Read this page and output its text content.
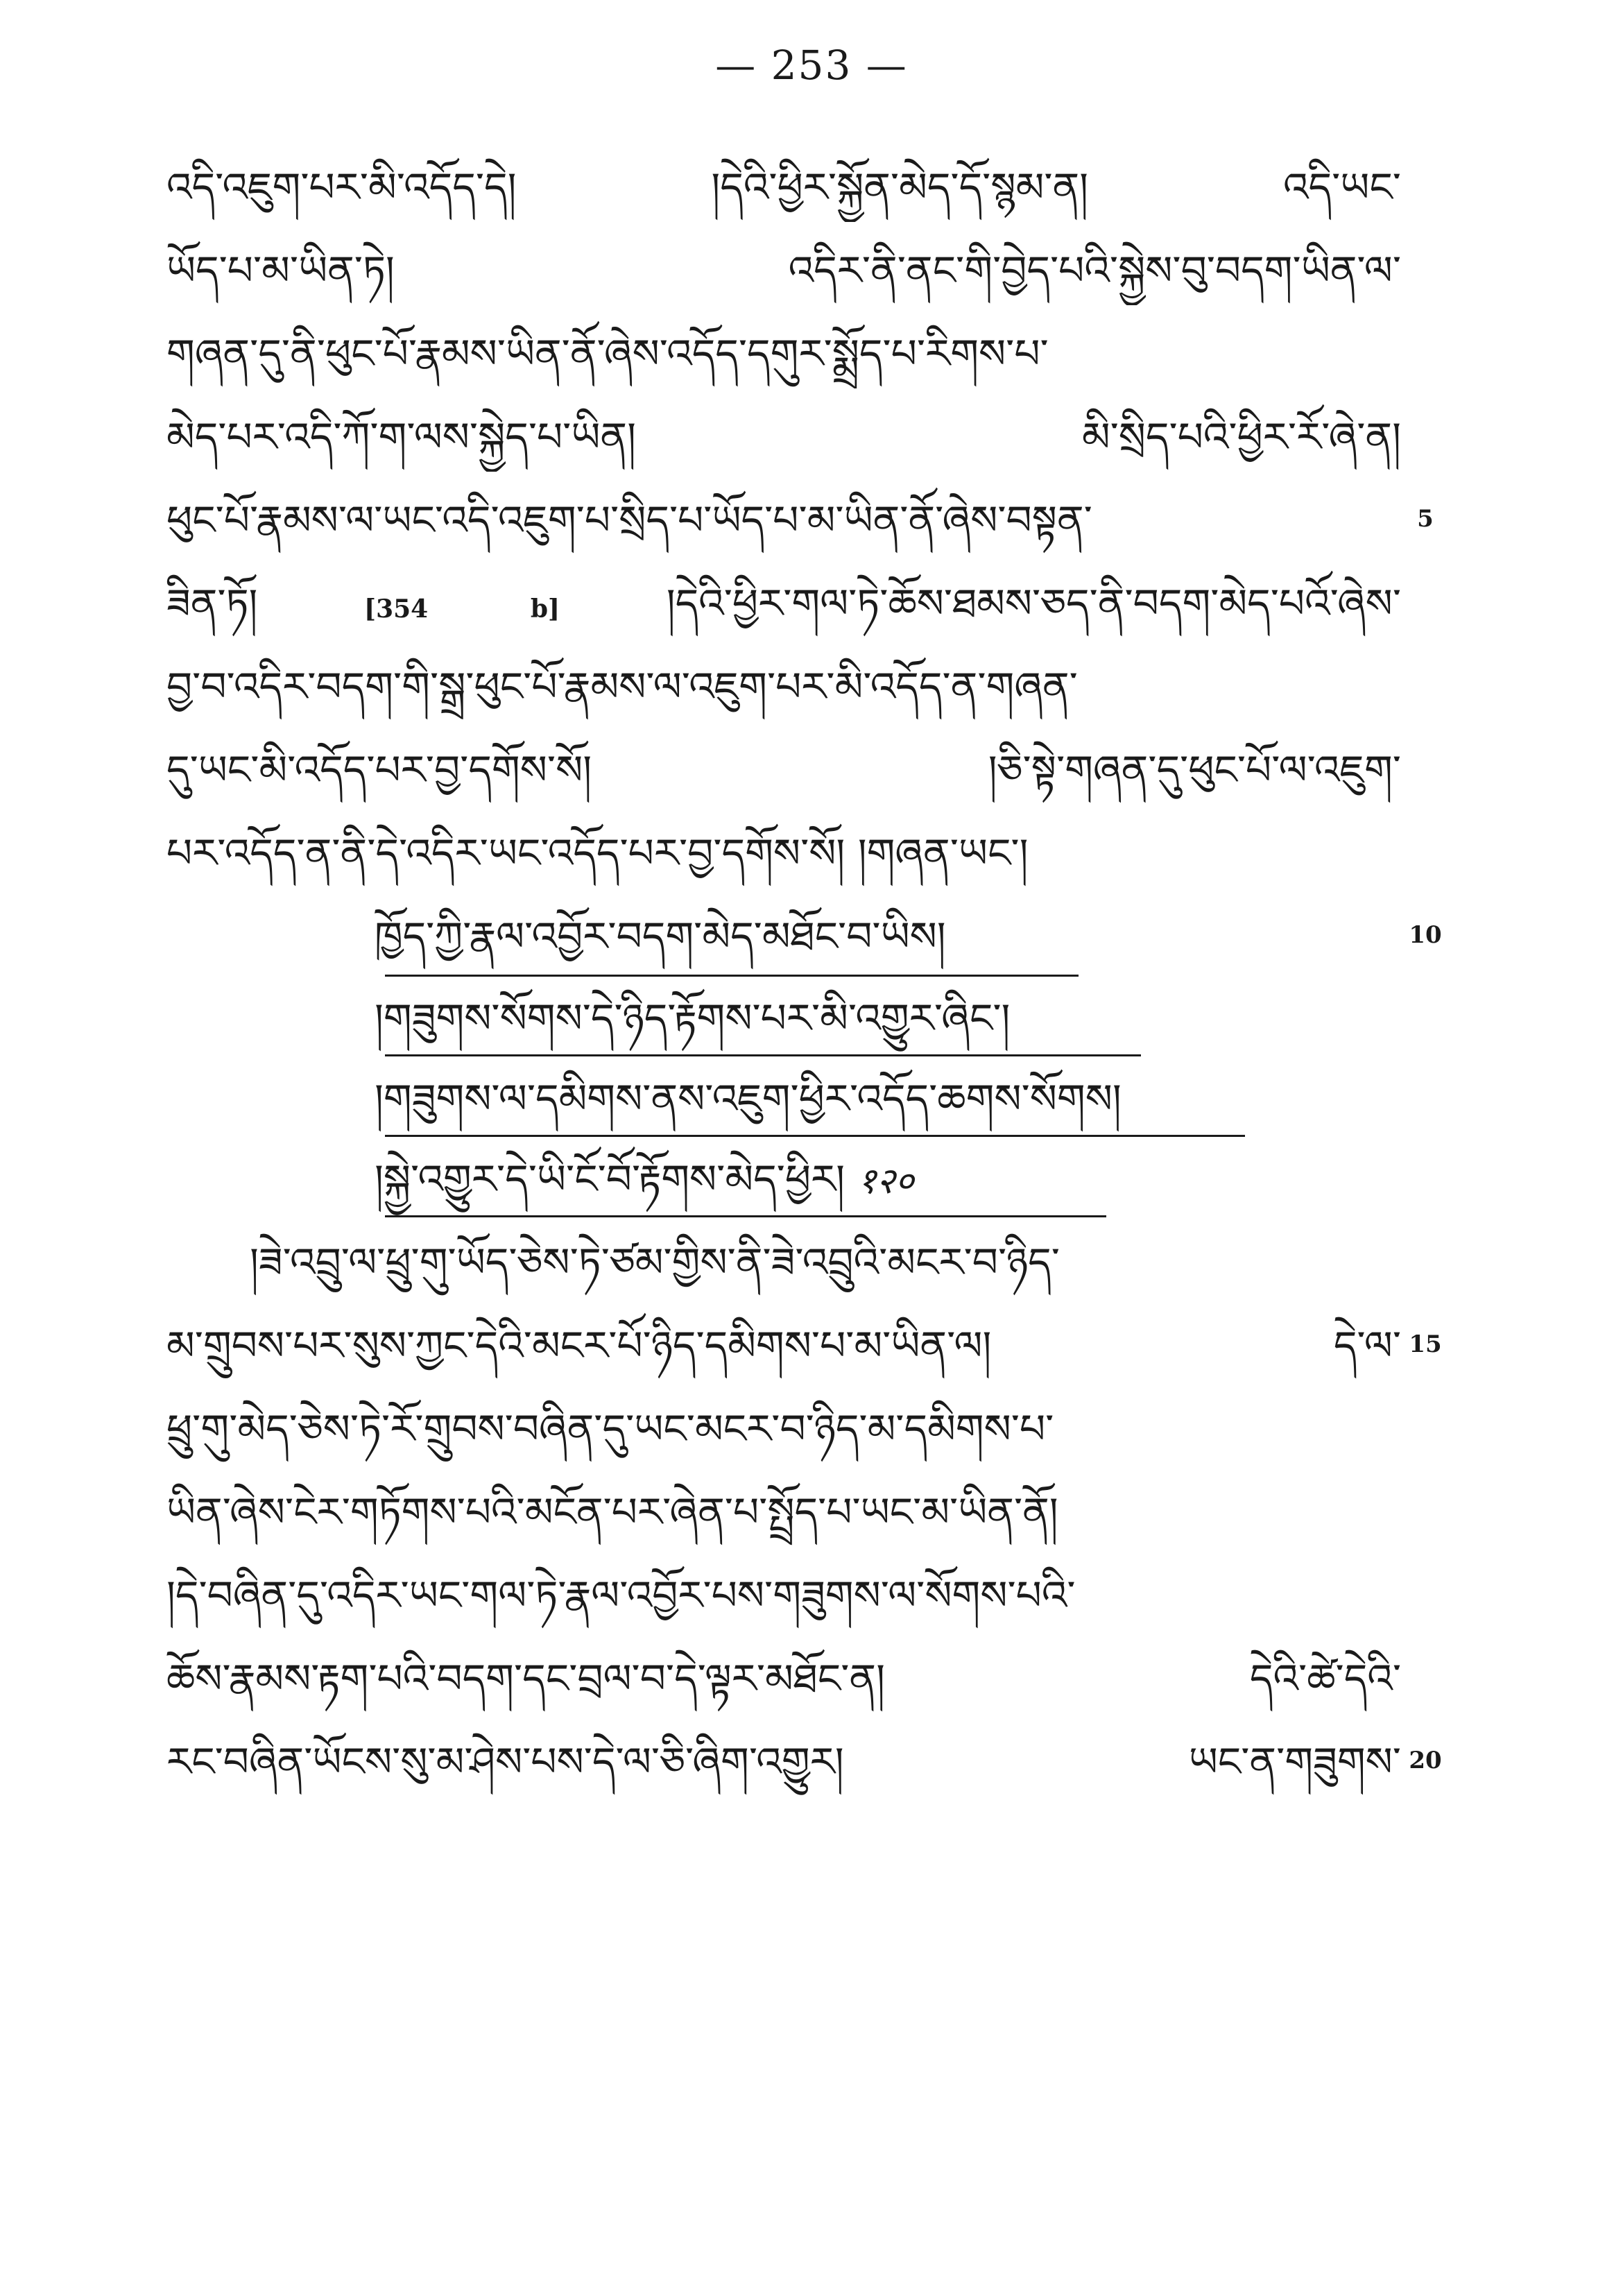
— 253 —
འདི་འཇུག་པར་མི་འདོད་དེ། །དེའི་ཕྱིར་སྐྱོན་མེད་དོ་སྙམ་ན། འདི་ཡང་
ཡོད་པ་མ་ཡིན་ཏེ། འདིར་ནི་ནང་གི་བྱེད་པའི་སྐྱེས་བུ་བདག་ཡིན་ལ་
གཞན་དུ་ནི་ཕུང་པོ་རྣམས་ཡིན་ནོ་ཞེས་འདོད་དགུར་སྨྲོད་པ་རིགས་པ་
མེད་པར་འདི་ཀོ་ག་ལས་སྐྱེད་པ་ཡིན། མི་སྲིད་པའི་ཕྱིར་རོ་ཞེ་ན།
ཕུང་པོ་རྣམས་ལ་ཡང་འདི་འཇུག་པ་སྲིད་པ་ཡོད་པ་མ་ཡིན་ནོ་ཞེས་བསྟན་	5
ཟིན་ཏོ།	[354 b]	།དེའི་ཕྱིར་གལ་ཏེ་ཆོས་ཐམས་ཅད་ནི་བདག་མེད་པའོ་ཞེས་
བྱ་བ་འདིར་བདག་གི་སྒྲ་ཕུང་པོ་རྣམས་ལ་འཇུག་པར་མི་འདོད་ན་གཞན་
དུ་ཡང་མི་འདོད་པར་བྱ་དགོས་སོ། །ཅི་སྟེ་གཞན་དུ་ཕུང་པོ་ལ་འཇུག་
པར་འདོད་ན་ནི་དེ་འདིར་ཡང་འདོད་པར་བྱ་དགོས་སོ། །གཞན་ཡང་།
ཁྱོད་ཀྱི་རྣལ་འབྱོར་བདག་མེད་མཐོང་བ་ཡིས།	10
།གཟུགས་སོགས་དེ་ཉིད་རྟོགས་པར་མི་འགྱུར་ཞིང་།
།གཟུགས་ལ་དམིགས་ནས་འཇུག་ཕྱིར་འདོད་ཆགས་སོགས།
།སྐྱེ་འགྱུར་དེ་ཡི་ངོ་བོ་རྟོགས་མེད་ཕྱིར། १२०
།ཟེ་འབྲུ་ལ་ཕྲུ་གུ་ཡོད་ཅེས་ཏེ་ཙམ་གྱིས་ནི་ཟེ་འབྲུའི་མངར་བ་ཉིད་
མ་གྲུབས་པར་སུས་ཀྱང་དེའི་མངར་པོ་ཉིད་དམིགས་པ་མ་ཡིན་ལ། དེ་ལ་ 15
ཕྲུ་གུ་མེད་ཅེས་ཏེ་རོ་གྲུབས་བཞིན་དུ་ཡང་མངར་བ་ཉིད་མ་དམིགས་པ་
ཡིན་ཞེས་ངེར་གཏོགས་པའི་མངོན་པར་ཞེན་པ་སྤྲོད་པ་ཡང་མ་ཡིན་ནོ།
།དེ་བཞིན་དུ་འདིར་ཡང་གལ་ཏེ་རྣལ་འབྱོར་པས་གཟུགས་ལ་སོགས་པའི་
ཆོས་རྣམས་རྟག་པའི་བདག་དང་བྲལ་བ་དེ་ལྟར་མཐོང་ན། དེའི་ཚེ་དེའི་
རང་བཞིན་ཡོངས་སུ་མ་ཤེས་པས་དེ་ལ་ཅི་ཞིག་འགྱུར། ཡང་ན་གཟུགས་ 20
